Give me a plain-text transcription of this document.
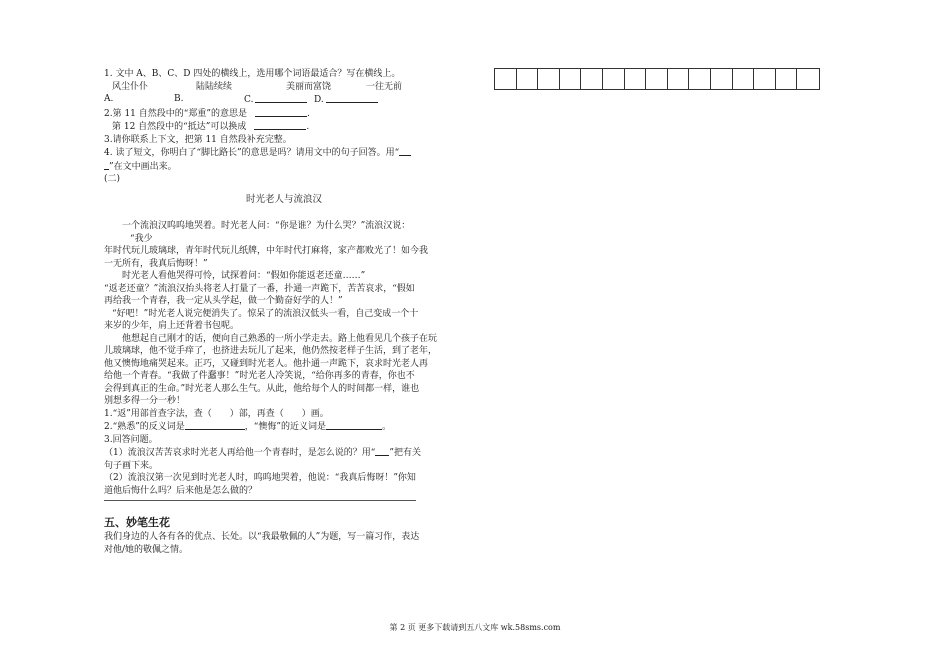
1. 文中 A、B、C、D 四处的横线上，选用哪个词语最适合？写在横线上。
风尘仆仆	陆陆续续	美丽而富饶	一往无前
A.	B.	C.	D.
2.第 11 自然段中的“郑重”的意思是	.
第 12 自然段中的“抵达”可以换成	.
3.请你联系上下文，把第 11 自然段补充完整。
4. 读了短文，你明白了“脚比路长”的意思是吗？请用文中的句子回答。用“
”在文中画出来。
(二)
时光老人与流浪汉
一个流浪汉呜呜地哭着。时光老人问：“你是谁？为什么哭？”流浪汉说：
“我少
年时代玩儿玻璃球，青年时代玩儿纸牌，中年时代打麻将，家产都败光了！如今我
一无所有，我真后悔呀！”
时光老人看他哭得可怜，试探着问：“假如你能返老还童……”
“返老还童？”流浪汉抬头将老人打量了一番，扑通一声跪下，苦苦哀求，“假如
再给我一个青春，我一定从头学起，做一个勤奋好学的人！”
“好吧！”时光老人说完便消失了。惊呆了的流浪汉低头一看，自己变成一个十
来岁的少年，肩上还背着书包呢。
他想起自己刚才的话，便向自己熟悉的一所小学走去。路上他看见几个孩子在玩
儿玻璃球，他不觉手痒了，也挤进去玩儿了起来，他仍然按老样子生活，到了老年，
他又懊悔地痛哭起来。正巧，又碰到时光老人。他扑通一声跪下，哀求时光老人再
给他一个青春。“我做了件蠢事！”时光老人冷笑说，“给你再多的青春，你也不
会得到真正的生命。”时光老人那么生气。从此，他给每个人的时间都一样，谁也
别想多得一分一秒！
1.“返”用部首查字法，查（　　）部，再查（　　）画。
2.“熟悉”的反义词是	，“懊悔”的近义词是	。
3.回答问题。
（1）流浪汉苦苦哀求时光老人再给他一个青春时，是怎么说的？用“ ”把有关
句子画下来。
（2）流浪汉第一次见到时光老人时，呜呜地哭着，他说：“我真后悔呀！”你知
道他后悔什么吗？后来他是怎么做的？
五、妙笔生花
我们身边的人各有各的优点、长处。以“我最敬佩的人”为题，写一篇习作，表达
对他/她的敬佩之情。
第 2 页 更多下载请到五八文库 wk.58sms.com
